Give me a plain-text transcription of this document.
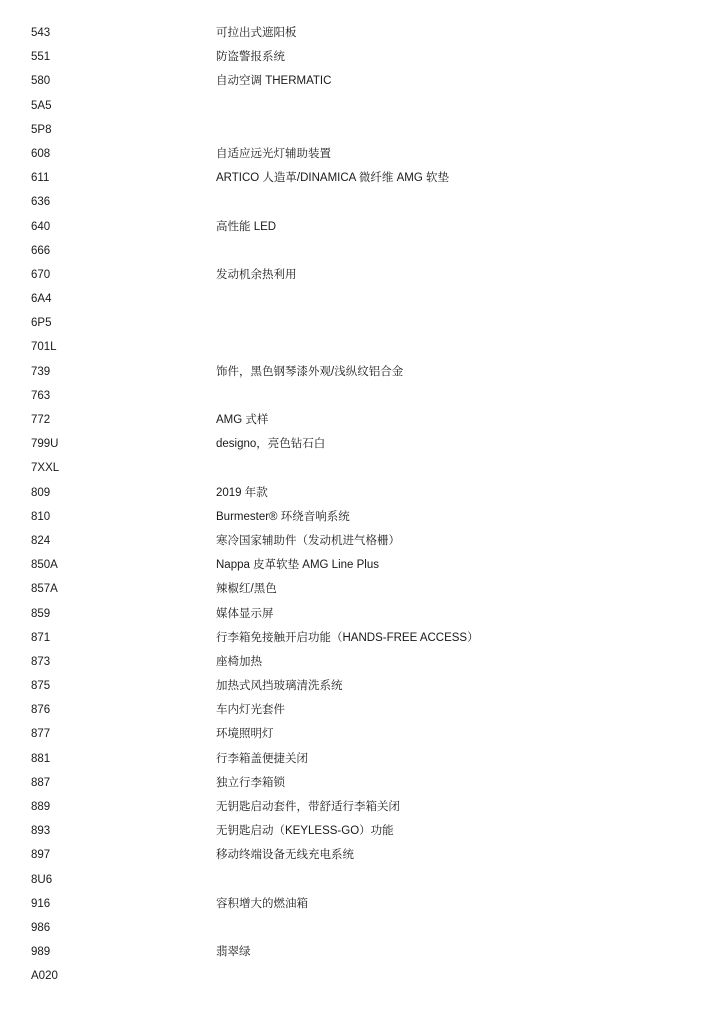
543	可拉出式遮阳板
551	防盗警报系统
580	自动空调 THERMATIC
5A5
5P8
608	自适应远光灯辅助装置
611	ARTICO 人造革/DINAMICA 微纤维 AMG 软垫
636
640	高性能 LED
666
670	发动机余热利用
6A4
6P5
701L
739	饰件，黑色钢琴漆外观/浅纵纹铝合金
763
772	AMG 式样
799U	designo，亮色钻石白
7XXL
809	2019 年款
810	Burmester® 环绕音响系统
824	寒冷国家辅助件（发动机进气格栅）
850A	Nappa 皮革软垫 AMG Line Plus
857A	辣椒红/黑色
859	媒体显示屏
871	行李箱免接触开启功能（HANDS-FREE ACCESS）
873	座椅加热
875	加热式风挡玻璃清洗系统
876	车内灯光套件
877	环境照明灯
881	行李箱盖便捷关闭
887	独立行李箱锁
889	无钥匙启动套件，带舒适行李箱关闭
893	无钥匙启动（KEYLESS-GO）功能
897	移动终端设备无线充电系统
8U6
916	容积增大的燃油箱
986
989	翡翠绿
A020
